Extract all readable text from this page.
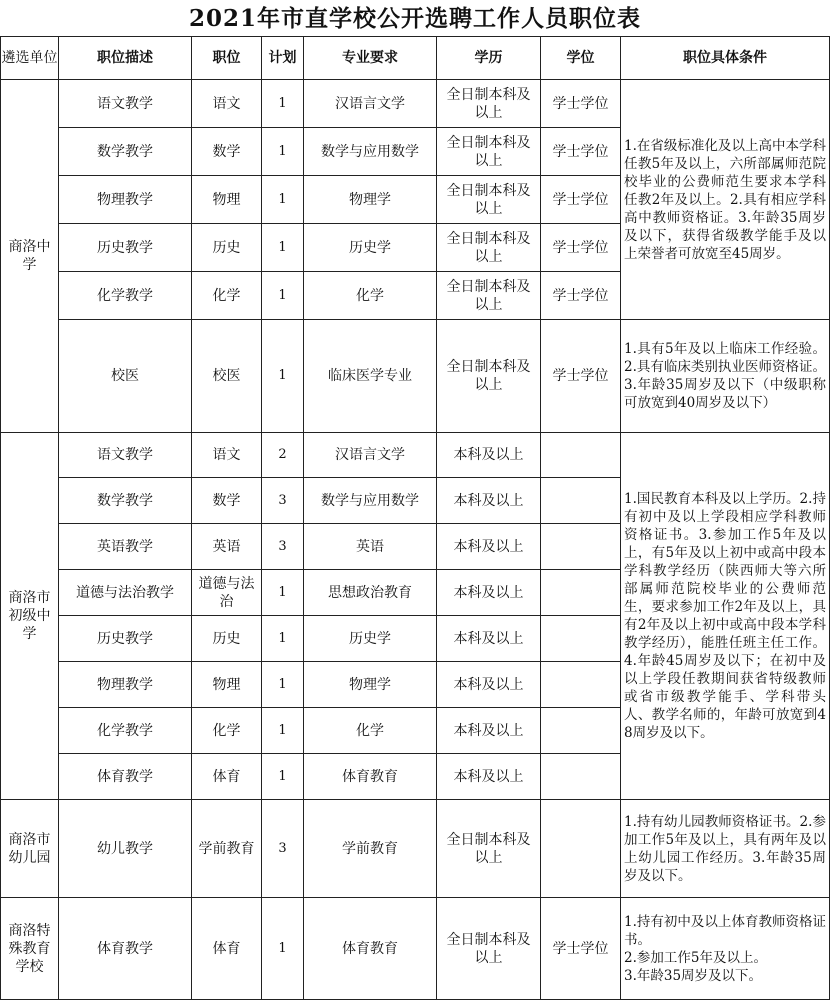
2021年市直学校公开选聘工作人员职位表
遴选单位	职位描述	职位	计划	专业要求	学历	学位	职位具体条件
商洛中学	语文教学	语文	1	汉语言文学	全日制本科及以上	学士学位	1.在省级标准化及以上高中本学科任教5年及以上，六所部属师范院校毕业的公费师范生要求本学科任教2年及以上。2.具有相应学科高中教师资格证。3.年龄35周岁及以下，获得省级教学能手及以上荣誉者可放宽至45周岁。
	数学教学	数学	1	数学与应用数学	全日制本科及以上	学士学位	
	物理教学	物理	1	物理学	全日制本科及以上	学士学位	
	历史教学	历史	1	历史学	全日制本科及以上	学士学位	
	化学教学	化学	1	化学	全日制本科及以上	学士学位	
	校医	校医	1	临床医学专业	全日制本科及以上	学士学位	1.具有5年及以上临床工作经验。2.具有临床类别执业医师资格证。3.年龄35周岁及以下（中级职称可放宽到40周岁及以下）
商洛市初级中学	语文教学	语文	2	汉语言文学	本科及以上		1.国民教育本科及以上学历。2.持有初中及以上学段相应学科教师资格证书。3.参加工作5年及以上，有5年及以上初中或高中段本学科教学经历（陕西师大等六所部属师范院校毕业的公费师范生，要求参加工作2年及以上，具有2年及以上初中或高中段本学科教学经历），能胜任班主任工作。4.年龄45周岁及以下；在初中及以上学段任教期间获省特级教师或省市级教学能手、学科带头人、教学名师的，年龄可放宽到48周岁及以下。
	数学教学	数学	3	数学与应用数学	本科及以上		
	英语教学	英语	3	英语	本科及以上		
	道德与法治教学	道德与法治	1	思想政治教育	本科及以上		
	历史教学	历史	1	历史学	本科及以上		
	物理教学	物理	1	物理学	本科及以上		
	化学教学	化学	1	化学	本科及以上		
	体育教学	体育	1	体育教育	本科及以上		
商洛市幼儿园	幼儿教学	学前教育	3	学前教育	全日制本科及以上		1.持有幼儿园教师资格证书。2.参加工作5年及以上，具有两年及以上幼儿园工作经历。3.年龄35周岁及以下。
商洛特殊教育学校	体育教学	体育	1	体育教育	全日制本科及以上	学士学位	1.持有初中及以上体育教师资格证书。
2.参加工作5年及以上。
3.年龄35周岁及以下。
